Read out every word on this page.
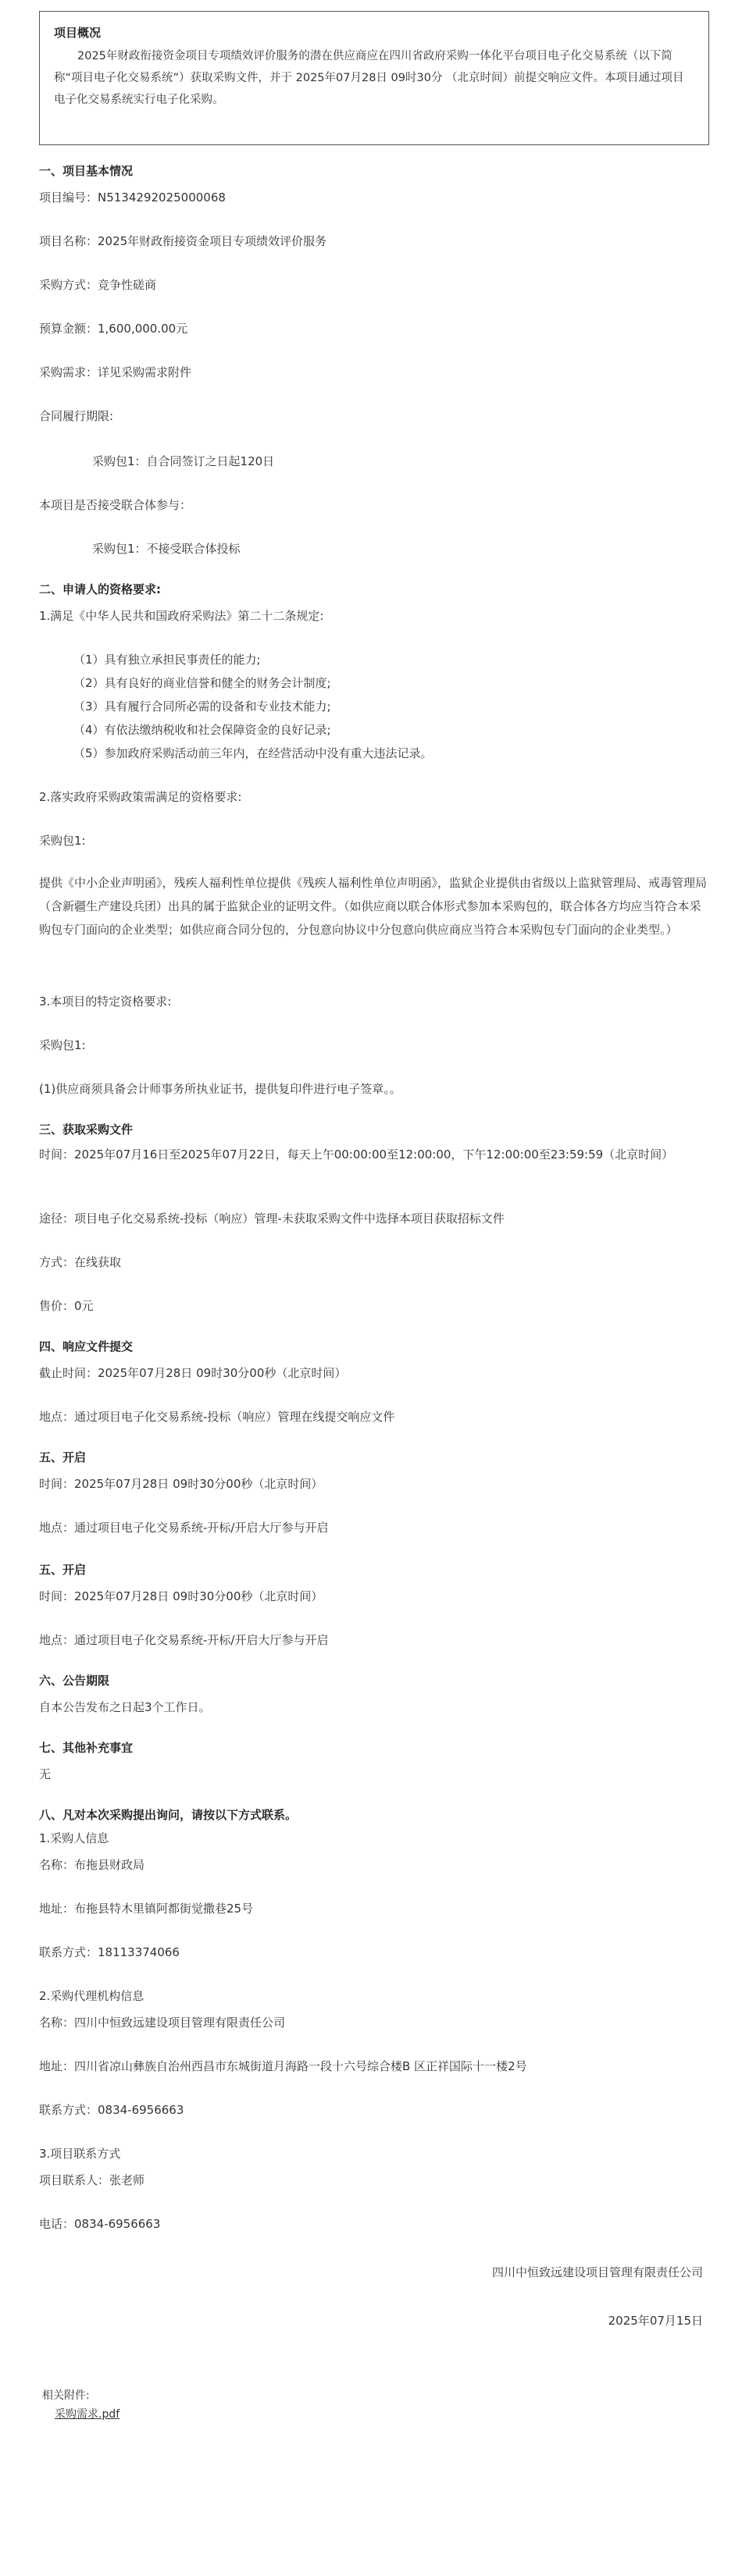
项目概况
2025年财政衔接资金项目专项绩效评价服务的潜在供应商应在四川省政府采购一体化平台项目电子化交易系统（以下简称“项目电子化交易系统”）获取采购文件，并于 2025年07月28日 09时30分 （北京时间）前提交响应文件。本项目通过项目电子化交易系统实行电子化采购。
一、项目基本情况
项目编号：N5134292025000068
项目名称：2025年财政衔接资金项目专项绩效评价服务
采购方式：竞争性磋商
预算金额：1,600,000.00元
采购需求：详见采购需求附件
合同履行期限:
采购包1：自合同签订之日起120日
本项目是否接受联合体参与：
采购包1：不接受联合体投标
二、申请人的资格要求:
1.满足《中华人民共和国政府采购法》第二十二条规定:
（1）具有独立承担民事责任的能力;
（2）具有良好的商业信誉和健全的财务会计制度;
（3）具有履行合同所必需的设备和专业技术能力;
（4）有依法缴纳税收和社会保障资金的良好记录;
（5）参加政府采购活动前三年内，在经营活动中没有重大违法记录。
2.落实政府采购政策需满足的资格要求:
采购包1:
提供《中小企业声明函》，残疾人福利性单位提供《残疾人福利性单位声明函》，监狱企业提供由省级以上监狱管理局、戒毒管理局（含新疆生产建设兵团）出具的属于监狱企业的证明文件。（如供应商以联合体形式参加本采购包的，联合体各方均应当符合本采购包专门面向的企业类型；如供应商合同分包的，分包意向协议中分包意向供应商应当符合本采购包专门面向的企业类型。）
3.本项目的特定资格要求:
采购包1:
(1)供应商须具备会计师事务所执业证书，提供复印件进行电子签章。。
三、获取采购文件
时间：2025年07月16日至2025年07月22日，每天上午00:00:00至12:00:00，下午12:00:00至23:59:59（北京时间）
途径：项目电子化交易系统-投标（响应）管理-未获取采购文件中选择本项目获取招标文件
方式：在线获取
售价：0元
四、响应文件提交
截止时间：2025年07月28日 09时30分00秒（北京时间）
地点：通过项目电子化交易系统-投标（响应）管理在线提交响应文件
五、开启
时间：2025年07月28日 09时30分00秒（北京时间）
地点：通过项目电子化交易系统-开标/开启大厅参与开启
五、开启
时间：2025年07月28日 09时30分00秒（北京时间）
地点：通过项目电子化交易系统-开标/开启大厅参与开启
六、公告期限
自本公告发布之日起3个工作日。
七、其他补充事宜
无
八、凡对本次采购提出询问，请按以下方式联系。
1.采购人信息
名称：布拖县财政局
地址：布拖县特木里镇阿都街觉撒巷25号
联系方式：18113374066
2.采购代理机构信息
名称：四川中恒致远建设项目管理有限责任公司
地址：四川省凉山彝族自治州西昌市东城街道月海路一段十六号综合楼B 区正祥国际十一楼2号
联系方式：0834-6956663
3.项目联系方式
项目联系人：张老师
电话：0834-6956663
四川中恒致远建设项目管理有限责任公司
2025年07月15日
相关附件:
采购需求.pdf
